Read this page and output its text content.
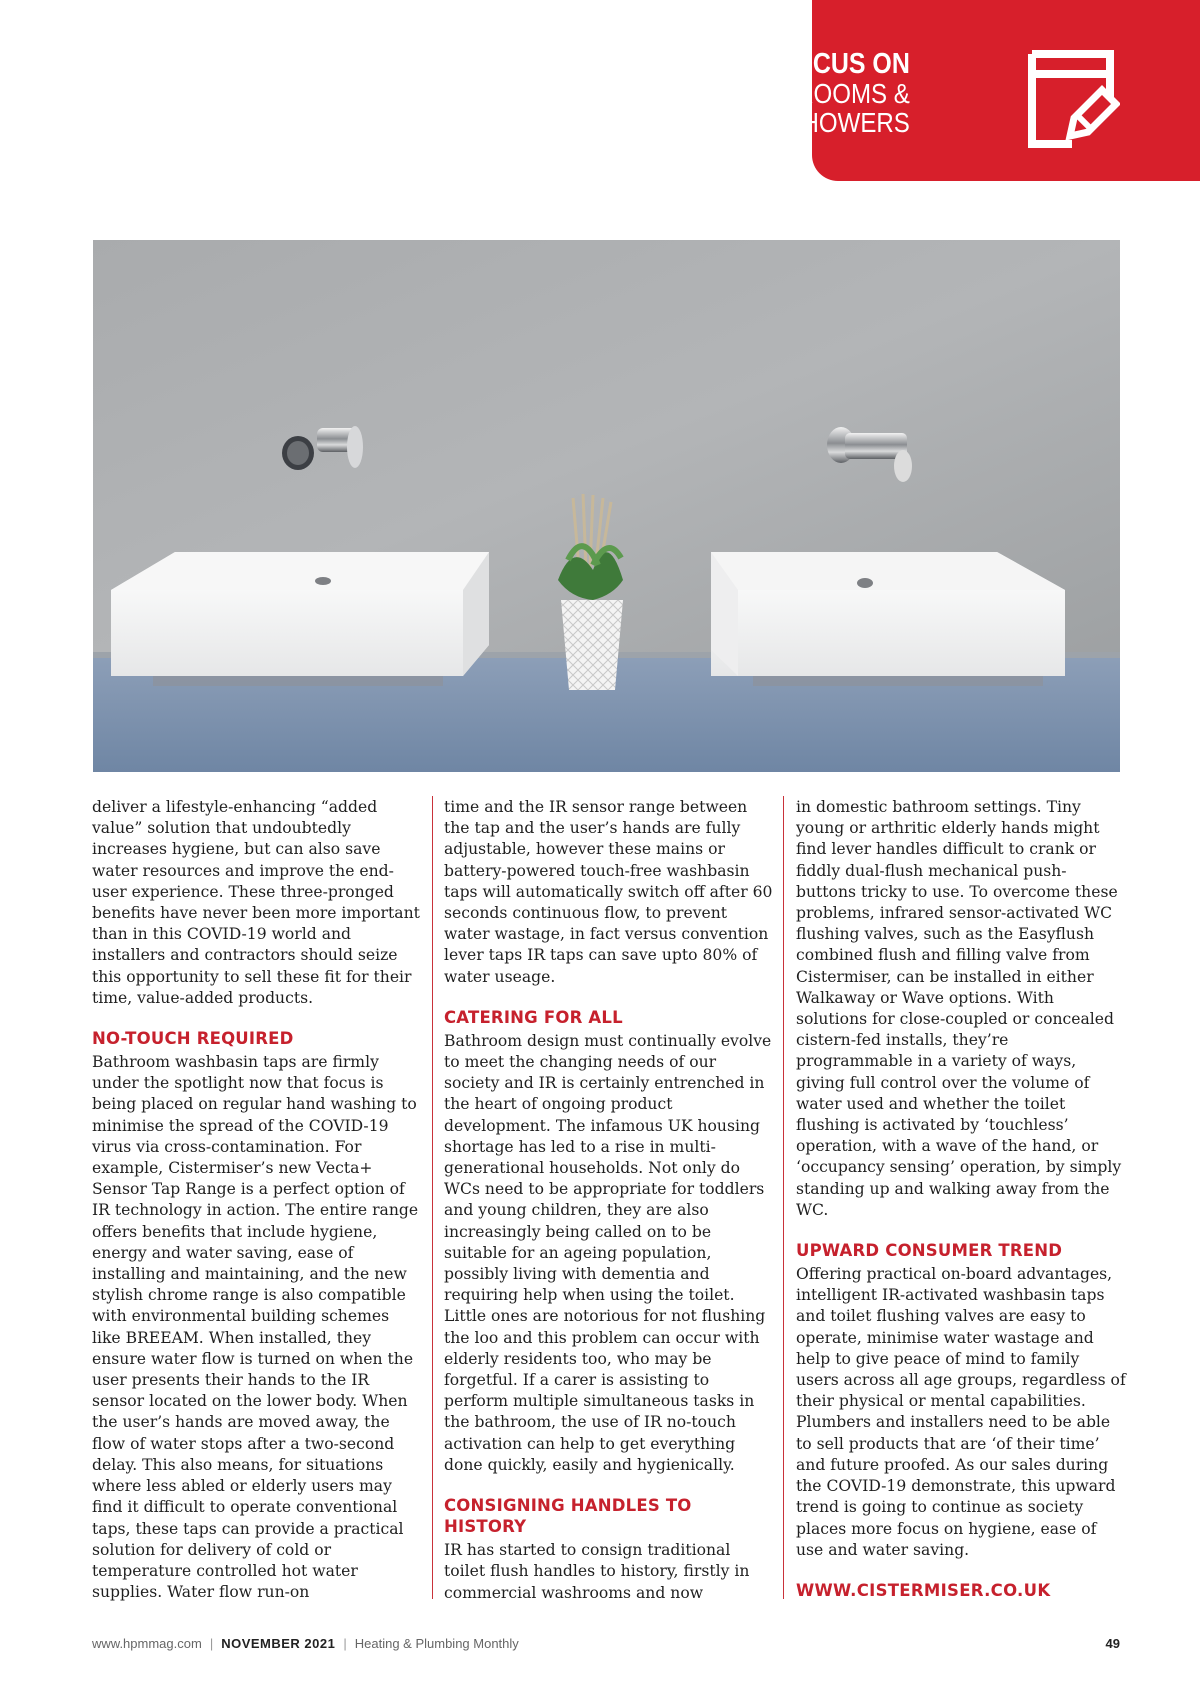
FOCUS ON
BATHROOMS &
SHOWERS

deliver a lifestyle-enhancing “added value” solution that undoubtedly increases hygiene, but can also save water resources and improve the end-user experience. These three-pronged benefits have never been more important than in this COVID-19 world and installers and contractors should seize this opportunity to sell these fit for their time, value-added products.

NO-TOUCH REQUIRED

Bathroom washbasin taps are firmly under the spotlight now that focus is being placed on regular hand washing to minimise the spread of the COVID-19 virus via cross-contamination. For example, Cistermiser’s new Vecta+ Sensor Tap Range is a perfect option of IR technology in action. The entire range offers benefits that include hygiene, energy and water saving, ease of installing and maintaining, and the new stylish chrome range is also compatible with environmental building schemes like BREEAM. When installed, they ensure water flow is turned on when the user presents their hands to the IR sensor located on the lower body. When the user’s hands are moved away, the flow of water stops after a two-second delay. This also means, for situations where less abled or elderly users may find it difficult to operate conventional taps, these taps can provide a practical solution for delivery of cold or temperature controlled hot water supplies. Water flow run-on

time and the IR sensor range between the tap and the user’s hands are fully adjustable, however these mains or battery-powered touch-free washbasin taps will automatically switch off after 60 seconds continuous flow, to prevent water wastage, in fact versus convention lever taps IR taps can save upto 80% of water useage.

CATERING FOR ALL

Bathroom design must continually evolve to meet the changing needs of our society and IR is certainly entrenched in the heart of ongoing product development. The infamous UK housing shortage has led to a rise in multi-generational households. Not only do WCs need to be appropriate for toddlers and young children, they are also increasingly being called on to be suitable for an ageing population, possibly living with dementia and requiring help when using the toilet. Little ones are notorious for not flushing the loo and this problem can occur with elderly residents too, who may be forgetful. If a carer is assisting to perform multiple simultaneous tasks in the bathroom, the use of IR no-touch activation can help to get everything done quickly, easily and hygienically.

CONSIGNING HANDLES TO HISTORY

IR has started to consign traditional toilet flush handles to history, firstly in commercial washrooms and now

in domestic bathroom settings. Tiny young or arthritic elderly hands might find lever handles difficult to crank or fiddly dual-flush mechanical push-buttons tricky to use. To overcome these problems, infrared sensor-activated WC flushing valves, such as the Easyflush combined flush and filling valve from Cistermiser, can be installed in either Walkaway or Wave options. With solutions for close-coupled or concealed cistern-fed installs, they’re programmable in a variety of ways, giving full control over the volume of water used and whether the toilet flushing is activated by ‘touchless’ operation, with a wave of the hand, or ‘occupancy sensing’ operation, by simply standing up and walking away from the WC.

UPWARD CONSUMER TREND

Offering practical on-board advantages, intelligent IR-activated washbasin taps and toilet flushing valves are easy to operate, minimise water wastage and help to give peace of mind to family users across all age groups, regardless of their physical or mental capabilities. Plumbers and installers need to be able to sell products that are ‘of their time’ and future proofed. As our sales during the COVID-19 demonstrate, this upward trend is going to continue as society places more focus on hygiene, ease of use and water saving.

WWW.CISTERMISER.CO.UK
www.hpmmag.com | NOVEMBER 2021 | Heating & Plumbing Monthly	49
